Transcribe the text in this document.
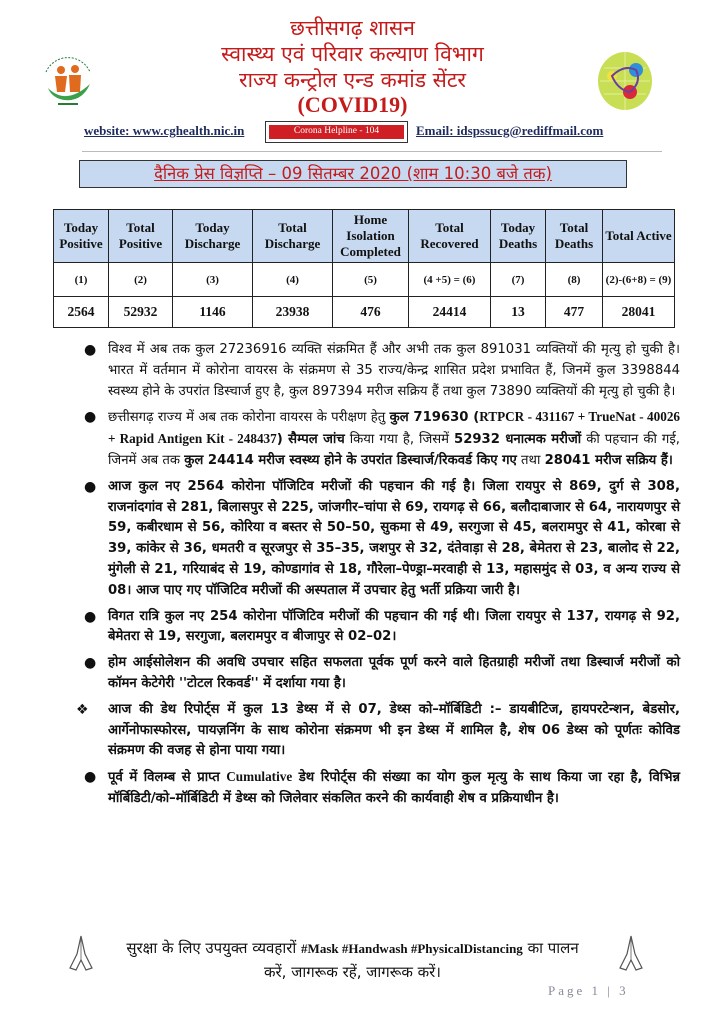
छत्तीसगढ़ शासन
स्वास्थ्य एवं परिवार कल्याण विभाग
राज्य कन्ट्रोल एन्ड कमांड सेंटर
(COVID19)
website: www.cghealth.nic.in	Corona Helpline - 104	Email: idspssucg@rediffmail.com
दैनिक प्रेस विज्ञप्ति – 09 सितम्बर 2020 (शाम 10:30 बजे तक)
Today Positive	Total Positive	Today Discharge	Total Discharge	Home Isolation Completed	Total Recovered	Today Deaths	Total Deaths	Total Active
(1)	(2)	(3)	(4)	(5)	(4 +5) = (6)	(7)	(8)	(2)-(6+8) = (9)
2564	52932	1146	23938	476	24414	13	477	28041
● विश्व में अब तक कुल 27236916 व्यक्ति संक्रमित हैं और अभी तक कुल 891031 व्यक्तियों की मृत्यु हो चुकी है। भारत में वर्तमान में कोरोना वायरस के संक्रमण से 35 राज्य/केन्द्र शासित प्रदेश प्रभावित हैं, जिनमें कुल 3398844 स्वस्थ्य होने के उपरांत डिस्चार्ज हुए है, कुल 897394 मरीज सक्रिय हैं तथा कुल 73890 व्यक्तियों की मृत्यु हो चुकी है।
● छत्तीसगढ़ राज्य में अब तक कोरोना वायरस के परीक्षण हेतु कुल 719630 (RTPCR - 431167 + TrueNat - 40026 + Rapid Antigen Kit - 248437) सैम्पल जांच किया गया है, जिसमें 52932 धनात्मक मरीजों की पहचान की गई, जिनमें अब तक कुल 24414 मरीज स्वस्थ्य होने के उपरांत डिस्चार्ज/रिकवर्ड किए गए तथा 28041 मरीज सक्रिय हैं।
● आज कुल नए 2564 कोरोना पॉजिटिव मरीजों की पहचान की गई है। जिला रायपुर से 869, दुर्ग से 308, राजनांदगांव से 281, बिलासपुर से 225, जांजगीर–चांपा से 69, रायगढ़ से 66, बलौदाबाजार से 64, नारायणपुर से 59, कबीरधाम से 56, कोरिया व बस्तर से 50–50, सुकमा से 49, सरगुजा से 45, बलरामपुर से 41, कोरबा से 39, कांकेर से 36, धमतरी व सूरजपुर से 35–35, जशपुर से 32, दंतेवाड़ा से 28, बेमेतरा से 23, बालोद से 22, मुंगेली से 21, गरियाबंद से 19, कोण्डागांव से 18, गौरेला–पेण्ड्रा–मरवाही से 13, महासमुंद से 03, व अन्य राज्य से 08। आज पाए गए पॉजिटिव मरीजों की अस्पताल में उपचार हेतु भर्ती प्रक्रिया जारी है।
● विगत रात्रि कुल नए 254 कोरोना पॉजिटिव मरीजों की पहचान की गई थी। जिला रायपुर से 137, रायगढ़ से 92, बेमेतरा से 19, सरगुजा, बलरामपुर व बीजापुर से 02–02।
● होम आईसोलेशन की अवधि उपचार सहित सफलता पूर्वक पूर्ण करने वाले हितग्राही मरीजों तथा डिस्चार्ज मरीजों को कॉमन केटेगेरी ''टोटल रिकवर्ड'' में दर्शाया गया है।
❖ आज की डेथ रिपोर्ट्स में कुल 13 डेथ्स में से 07, डेथ्स को–मॉर्बिडिटी :– डायबीटिज, हायपरटेन्शन, बेडसोर, आर्गेनोफास्फोरस, पायज़निंग के साथ कोरोना संक्रमण भी इन डेथ्स में शामिल है, शेष 06 डेथ्स को पूर्णतः कोविड संक्रमण की वजह से होना पाया गया।
● पूर्व में विलम्ब से प्राप्त Cumulative डेथ रिपोर्ट्स की संख्या का योग कुल मृत्यु के साथ किया जा रहा है, विभिन्न मॉर्बिडिटी/को–मॉर्बिडिटी में डेथ्स को जिलेवार संकलित करने की कार्यवाही शेष व प्रक्रियाधीन है।
सुरक्षा के लिए उपयुक्त व्यवहारों #Mask #Handwash #PhysicalDistancing का पालन
करें, जागरूक रहें, जागरूक करें।
Page 1 | 3
